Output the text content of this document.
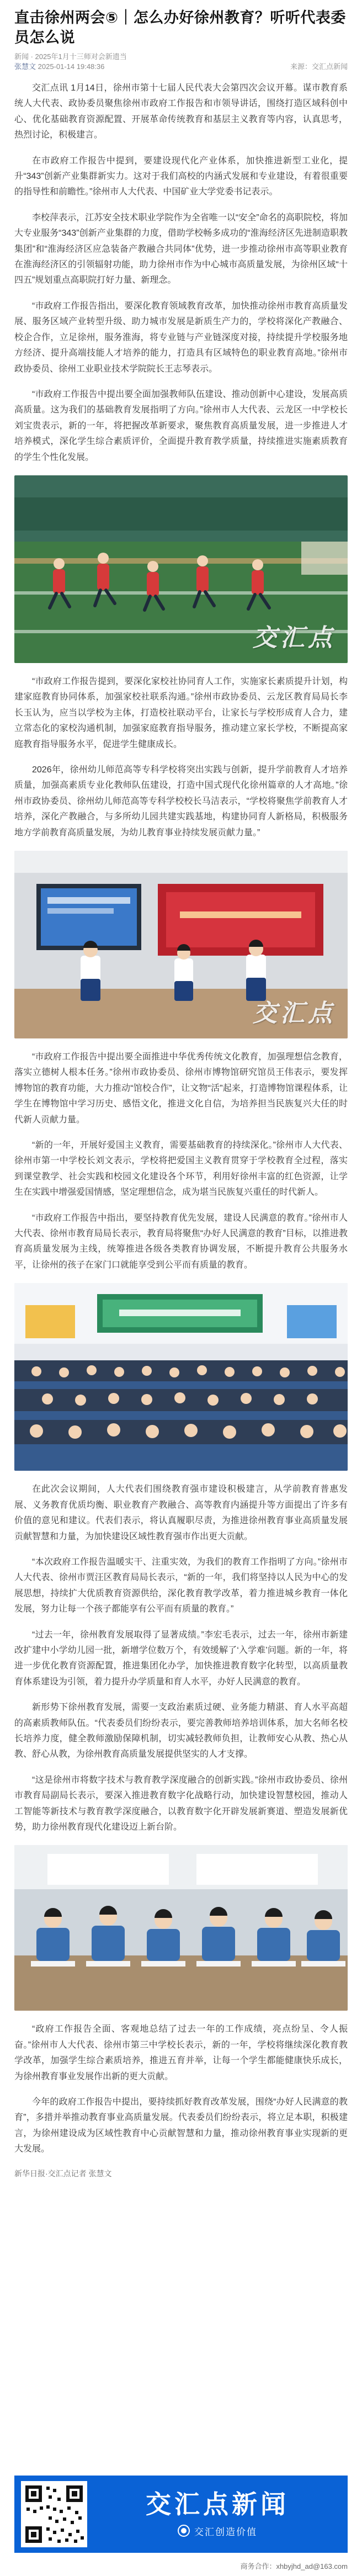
直击徐州两会⑤｜怎么办好徐州教育？听听代表委员怎么说
新闻 · 2025年1月十三师对会新遗当
张慧文 2025-01-14 19:48:36	来源：交汇点新闻

交汇点讯 1月14日，徐州市第十七届人民代表大会第四次会议开幕。谋市教育系统人大代表、政协委员聚焦徐州市政府工作报告和市领导讲话，围绕打造区域科创中心、优化基础教育资源配置、开展革命传统教育和基层主义教育等内容，认真思考，热烈讨论，积极建言。

在市政府工作报告中提到，要建设现代化产业体系，加快推进新型工业化，提升“343”创新产业集群新实力。这对于我们高校的内涵式发展和专业建设，有着很重要的指导性和前瞻性。”徐州市人大代表、中国矿业大学党委书记表示。

李校萍表示，江苏安全技术职业学院作为全省唯一以“安全”命名的高职院校，将加大专业服务“343”创新产业集群的力度，借助学校畅多成功的“淮海经济区先进制造职教集团”和“淮海经济区应急装备产教融合共同体”优势，进一步推动徐州市高等职业教育在淮海经济区的引领辐射功能，助力徐州市作为中心城市高质量发展，为徐州区域“十四五”规划重点高职院打好力量、新理念。

“市政府工作报告指出，要深化教育领域教育改革，加快推动徐州市教育高质量发展、服务区域产业转型升级、助力城市发展是新质生产力的，学校将深化产教融合、校企合作，立足徐州，服务淮海，将专业链与产业链深度对接，持续提升学校服务地方经济、提升高端技能人才培养的能力，打造具有区域特色的职业教育高地。”徐州市政协委员、徐州工业职业技术学院院长王志琴表示。

“市政府工作报告中提出要全面加强教师队伍建设、推动创新中心建设，发展高质高质量。这为我们的基础教育发展指明了方向。”徐州市人大代表、云龙区一中学校长刘宝贵表示，新的一年，将把握改革新要求，聚焦教育高质量发展，进一步推进人才培养模式，深化学生综合素质评价，全面提升教育教学质量，持续推进实施素质教育的学生个性化发展。

交汇点

“市政府工作报告提到，要深化家校社协同育人工作，实施家长素质提升计划，构建家庭教育协同体系，加强家校社联系沟通。”徐州市政协委员、云龙区教育局局长李长玉认为，应当以学校为主体，打造校社联动平台，让家长与学校形成育人合力，建立常态化的家校沟通机制，加强家庭教育指导服务，推动建立家长学校，不断提高家庭教育指导服务水平，促进学生健康成长。

2026年，徐州幼儿师范高等专科学校将突出实践与创新，提升学前教育人才培养质量，加强高素质专业化教师队伍建设，打造中国式现代化徐州篇章的人才高地。”徐州市政协委员、徐州幼儿师范高等专科学校校长马洁表示，“学校将聚焦学前教育人才培养，深化产教融合，与多所幼儿园共建实践基地，构建协同育人新格局，积极服务地方学前教育高质量发展，为幼儿教育事业持续发展贡献力量。”

交汇点

“市政府工作报告中提出要全面推进中华优秀传统文化教育，加强理想信念教育，落实立德树人根本任务。”徐州市政协委员、徐州市博物馆研究馆员王伟表示，要发挥博物馆的教育功能，大力推动“馆校合作”，让文物“活”起来，打造博物馆课程体系，让学生在博物馆中学习历史、感悟文化，推进文化自信，为培养担当民族复兴大任的时代新人贡献力量。

“新的一年，开展好爱国主义教育，需要基础教育的持续深化。”徐州市人大代表、徐州市第一中学校长刘文表示，学校将把爱国主义教育贯穿于学校教育全过程，落实到课堂教学、社会实践和校园文化建设各个环节，利用好徐州丰富的红色资源，让学生在实践中增强爱国情感，坚定理想信念，成为堪当民族复兴重任的时代新人。

“市政府工作报告中指出，要坚持教育优先发展，建设人民满意的教育。”徐州市人大代表、徐州市教育局局长表示，教育局将聚焦“办好人民满意的教育”目标，以推进教育高质量发展为主线，统筹推进各级各类教育协调发展，不断提升教育公共服务水平，让徐州的孩子在家门口就能享受到公平而有质量的教育。

在此次会议期间，人大代表们围绕教育强市建设积极建言，从学前教育普惠发展、义务教育优质均衡、职业教育产教融合、高等教育内涵提升等方面提出了许多有价值的意见和建议。代表们表示，将认真履职尽责，为推进徐州教育事业高质量发展贡献智慧和力量，为加快建设区域性教育强市作出更大贡献。

“本次政府工作报告温暖实干、注重实效，为我们的教育工作指明了方向。”徐州市人大代表、徐州市贾汪区教育局局长表示，“新的一年，我们将坚持以人民为中心的发展思想，持续扩大优质教育资源供给，深化教育教学改革，着力推进城乡教育一体化发展，努力让每一个孩子都能享有公平而有质量的教育。”

“过去一年，徐州教育发展取得了显著成绩。”李宏毛表示，过去一年，徐州市新建改扩建中小学幼儿园一批，新增学位数万个，有效缓解了‘入学难’问题。新的一年，将进一步优化教育资源配置，推进集团化办学，加快推进教育数字化转型，以高质量教育体系建设为引领，着力提升办学质量和育人水平，办好人民满意的教育。

新形势下徐州教育发展，需要一支政治素质过硬、业务能力精湛、育人水平高超的高素质教师队伍。“代表委员们纷纷表示，要完善教师培养培训体系，加大名师名校长培养力度，健全教师激励保障机制，切实减轻教师负担，让教师安心从教、热心从教、舒心从教，为徐州教育高质量发展提供坚实的人才支撑。

“这是徐州市将数字技术与教育教学深度融合的创新实践。”徐州市政协委员、徐州市教育局副局长表示，要深入推进教育数字化战略行动，加快建设智慧校园，推动人工智能等新技术与教育教学深度融合，以教育数字化开辟发展新赛道、塑造发展新优势，助力徐州教育现代化建设迈上新台阶。

“政府工作报告全面、客观地总结了过去一年的工作成绩，亮点纷呈、令人振奋。”徐州市人大代表、徐州市第三中学校长表示，新的一年，学校将继续深化教育教学改革，加强学生综合素质培养，推进五育并举，让每一个学生都能健康快乐成长，为徐州教育事业发展作出新的更大贡献。

今年的政府工作报告中提出，要持续抓好教育改革发展，围绕“办好人民满意的教育”，多措并举推动教育事业高质量发展。代表委员们纷纷表示，将立足本职，积极建言，为徐州建设成为区域性教育中心贡献智慧和力量，推动徐州教育事业实现新的更大发展。

新华日报·交汇点记者 张慧文

交汇点新闻
交汇创造价值
商务合作：xhbyjhd_ad@163.com
